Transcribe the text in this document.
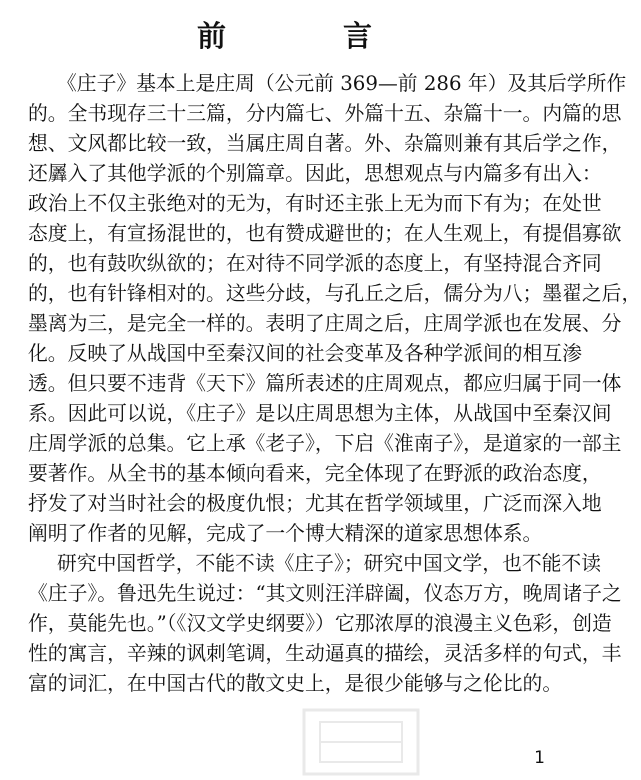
前　言
《庄子》基本上是庄周（公元前 369—前 286 年）及其后学所作
的。全书现存三十三篇，分内篇七、外篇十五、杂篇十一。内篇的思
想、文风都比较一致，当属庄周自著。外、杂篇则兼有其后学之作，
还羼入了其他学派的个别篇章。因此，思想观点与内篇多有出入：
政治上不仅主张绝对的无为，有时还主张上无为而下有为；在处世
态度上，有宣扬混世的，也有赞成避世的；在人生观上，有提倡寡欲
的，也有鼓吹纵欲的；在对待不同学派的态度上，有坚持混合齐同
的，也有针锋相对的。这些分歧，与孔丘之后，儒分为八；墨翟之后，
墨离为三，是完全一样的。表明了庄周之后，庄周学派也在发展、分
化。反映了从战国中至秦汉间的社会变革及各种学派间的相互渗
透。但只要不违背《天下》篇所表述的庄周观点，都应归属于同一体
系。因此可以说，《庄子》是以庄周思想为主体，从战国中至秦汉间
庄周学派的总集。它上承《老子》，下启《淮南子》，是道家的一部主
要著作。从全书的基本倾向看来，完全体现了在野派的政治态度，
抒发了对当时社会的极度仇恨；尤其在哲学领域里，广泛而深入地
阐明了作者的见解，完成了一个博大精深的道家思想体系。
研究中国哲学，不能不读《庄子》；研究中国文学，也不能不读
《庄子》。鲁迅先生说过：“其文则汪洋辟阖，仪态万方，晚周诸子之
作，莫能先也。”（《汉文学史纲要》）它那浓厚的浪漫主义色彩，创造
性的寓言，辛辣的讽刺笔调，生动逼真的描绘，灵活多样的句式，丰
富的词汇，在中国古代的散文史上，是很少能够与之伦比的。
1
